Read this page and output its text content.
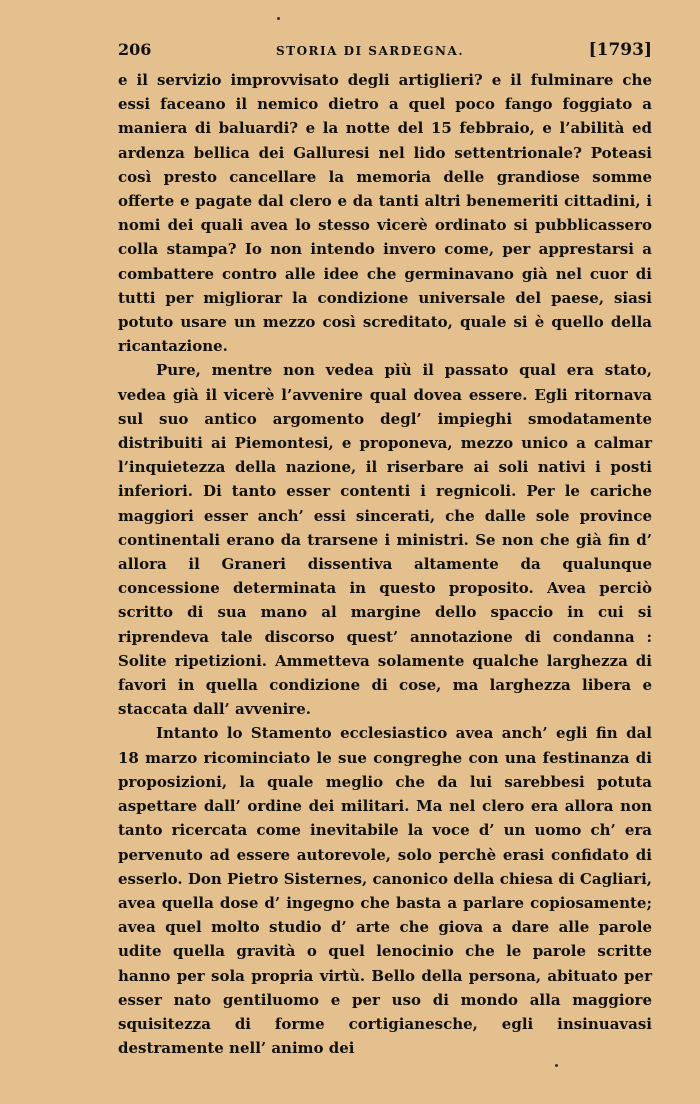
206	STORIA DI SARDEGNA.	[1793]

e il servizio improvvisato degli artiglieri? e il fulminare che essi faceano il nemico dietro a quel poco fango foggiato a maniera di baluardi? e la notte del 15 febbraio, e l’abilità ed ardenza bellica dei Galluresi nel lido settentrionale? Poteasi così presto cancellare la memoria delle grandiose somme offerte e pagate dal clero e da tanti altri benemeriti cittadini, i nomi dei quali avea lo stesso vicerè ordinato si pubblicassero colla stampa? Io non intendo invero come, per apprestarsi a combattere contro alle idee che germinavano già nel cuor di tutti per migliorar la condizione universale del paese, siasi potuto usare un mezzo così screditato, quale si è quello della ricantazione.

Pure, mentre non vedea più il passato qual era stato, vedea già il vicerè l’avvenire qual dovea essere. Egli ritornava sul suo antico argomento degl’ impieghi smodatamente distribuiti ai Piemontesi, e proponeva, mezzo unico a calmar l’inquietezza della nazione, il riserbare ai soli nativi i posti inferiori. Di tanto esser contenti i regnicoli. Per le cariche maggiori esser anch’ essi sincerati, che dalle sole province continentali erano da trarsene i ministri. Se non che già fin d’ allora il Graneri dissentiva altamente da qualunque concessione determinata in questo proposito. Avea perciò scritto di sua mano al margine dello spaccio in cui si riprendeva tale discorso quest’ annotazione di condanna : Solite ripetizioni. Ammetteva solamente qualche larghezza di favori in quella condizione di cose, ma larghezza libera e staccata dall’ avvenire.

Intanto lo Stamento ecclesiastico avea anch’ egli fin dal 18 marzo ricominciato le sue congreghe con una festinanza di proposizioni, la quale meglio che da lui sarebbesi potuta aspettare dall’ ordine dei militari. Ma nel clero era allora non tanto ricercata come inevitabile la voce d’ un uomo ch’ era pervenuto ad essere autorevole, solo perchè erasi confidato di esserlo. Don Pietro Sisternes, canonico della chiesa di Cagliari, avea quella dose d’ ingegno che basta a parlare copiosamente; avea quel molto studio d’ arte che giova a dare alle parole udite quella gravità o quel lenocinio che le parole scritte hanno per sola propria virtù. Bello della persona, abituato per esser nato gentiluomo e per uso di mondo alla maggiore squisitezza di forme cortigianesche, egli insinuavasi destramente nell’ animo dei
